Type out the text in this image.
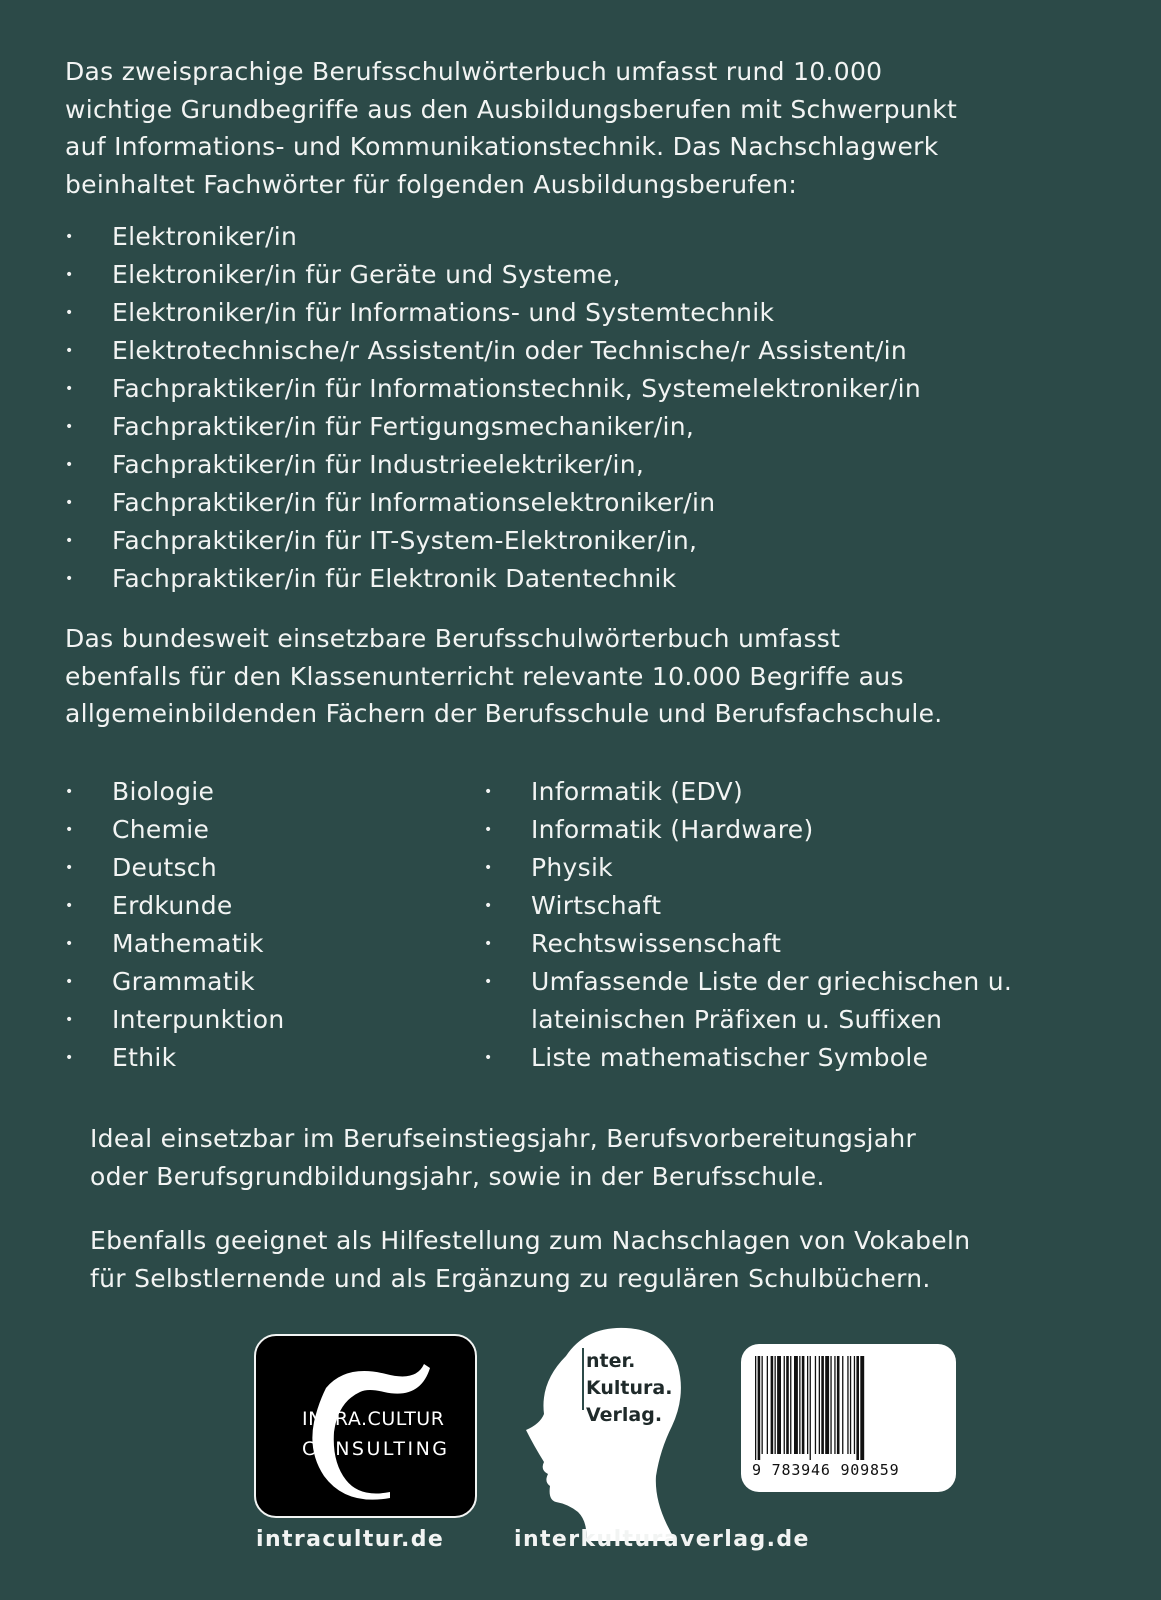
Das zweisprachige Berufsschulwörterbuch umfasst rund 10.000
wichtige Grundbegriffe aus den Ausbildungsberufen mit Schwerpunkt
auf Informations- und Kommunikationstechnik. Das Nachschlagwerk
beinhaltet Fachwörter für folgenden Ausbildungsberufen:
• Elektroniker/in
• Elektroniker/in für Geräte und Systeme,
• Elektroniker/in für Informations- und Systemtechnik
• Elektrotechnische/r Assistent/in oder Technische/r Assistent/in
• Fachpraktiker/in für Informationstechnik, Systemelektroniker/in
• Fachpraktiker/in für Fertigungsmechaniker/in,
• Fachpraktiker/in für Industrieelektriker/in,
• Fachpraktiker/in für Informationselektroniker/in
• Fachpraktiker/in für IT-System-Elektroniker/in,
• Fachpraktiker/in für Elektronik Datentechnik
Das bundesweit einsetzbare Berufsschulwörterbuch umfasst
ebenfalls für den Klassenunterricht relevante 10.000 Begriffe aus
allgemeinbildenden Fächern der Berufsschule und Berufsfachschule.
• Biologie
• Chemie
• Deutsch
• Erdkunde
• Mathematik
• Grammatik
• Interpunktion
• Ethik
• Informatik (EDV)
• Informatik (Hardware)
• Physik
• Wirtschaft
• Rechtswissenschaft
• Umfassende Liste der griechischen u.
lateinischen Präfixen u. Suffixen
• Liste mathematischer Symbole
Ideal einsetzbar im Berufseinstiegsjahr, Berufsvorbereitungsjahr
oder Berufsgrundbildungsjahr, sowie in der Berufsschule.
Ebenfalls geeignet als Hilfestellung zum Nachschlagen von Vokabeln
für Selbstlernende und als Ergänzung zu regulären Schulbüchern.
INTRA.CULTUR
CONSULTING
nter.
Kultura.
Verlag.
9 783946 909859
intracultur.de	interkulturaverlag.de
